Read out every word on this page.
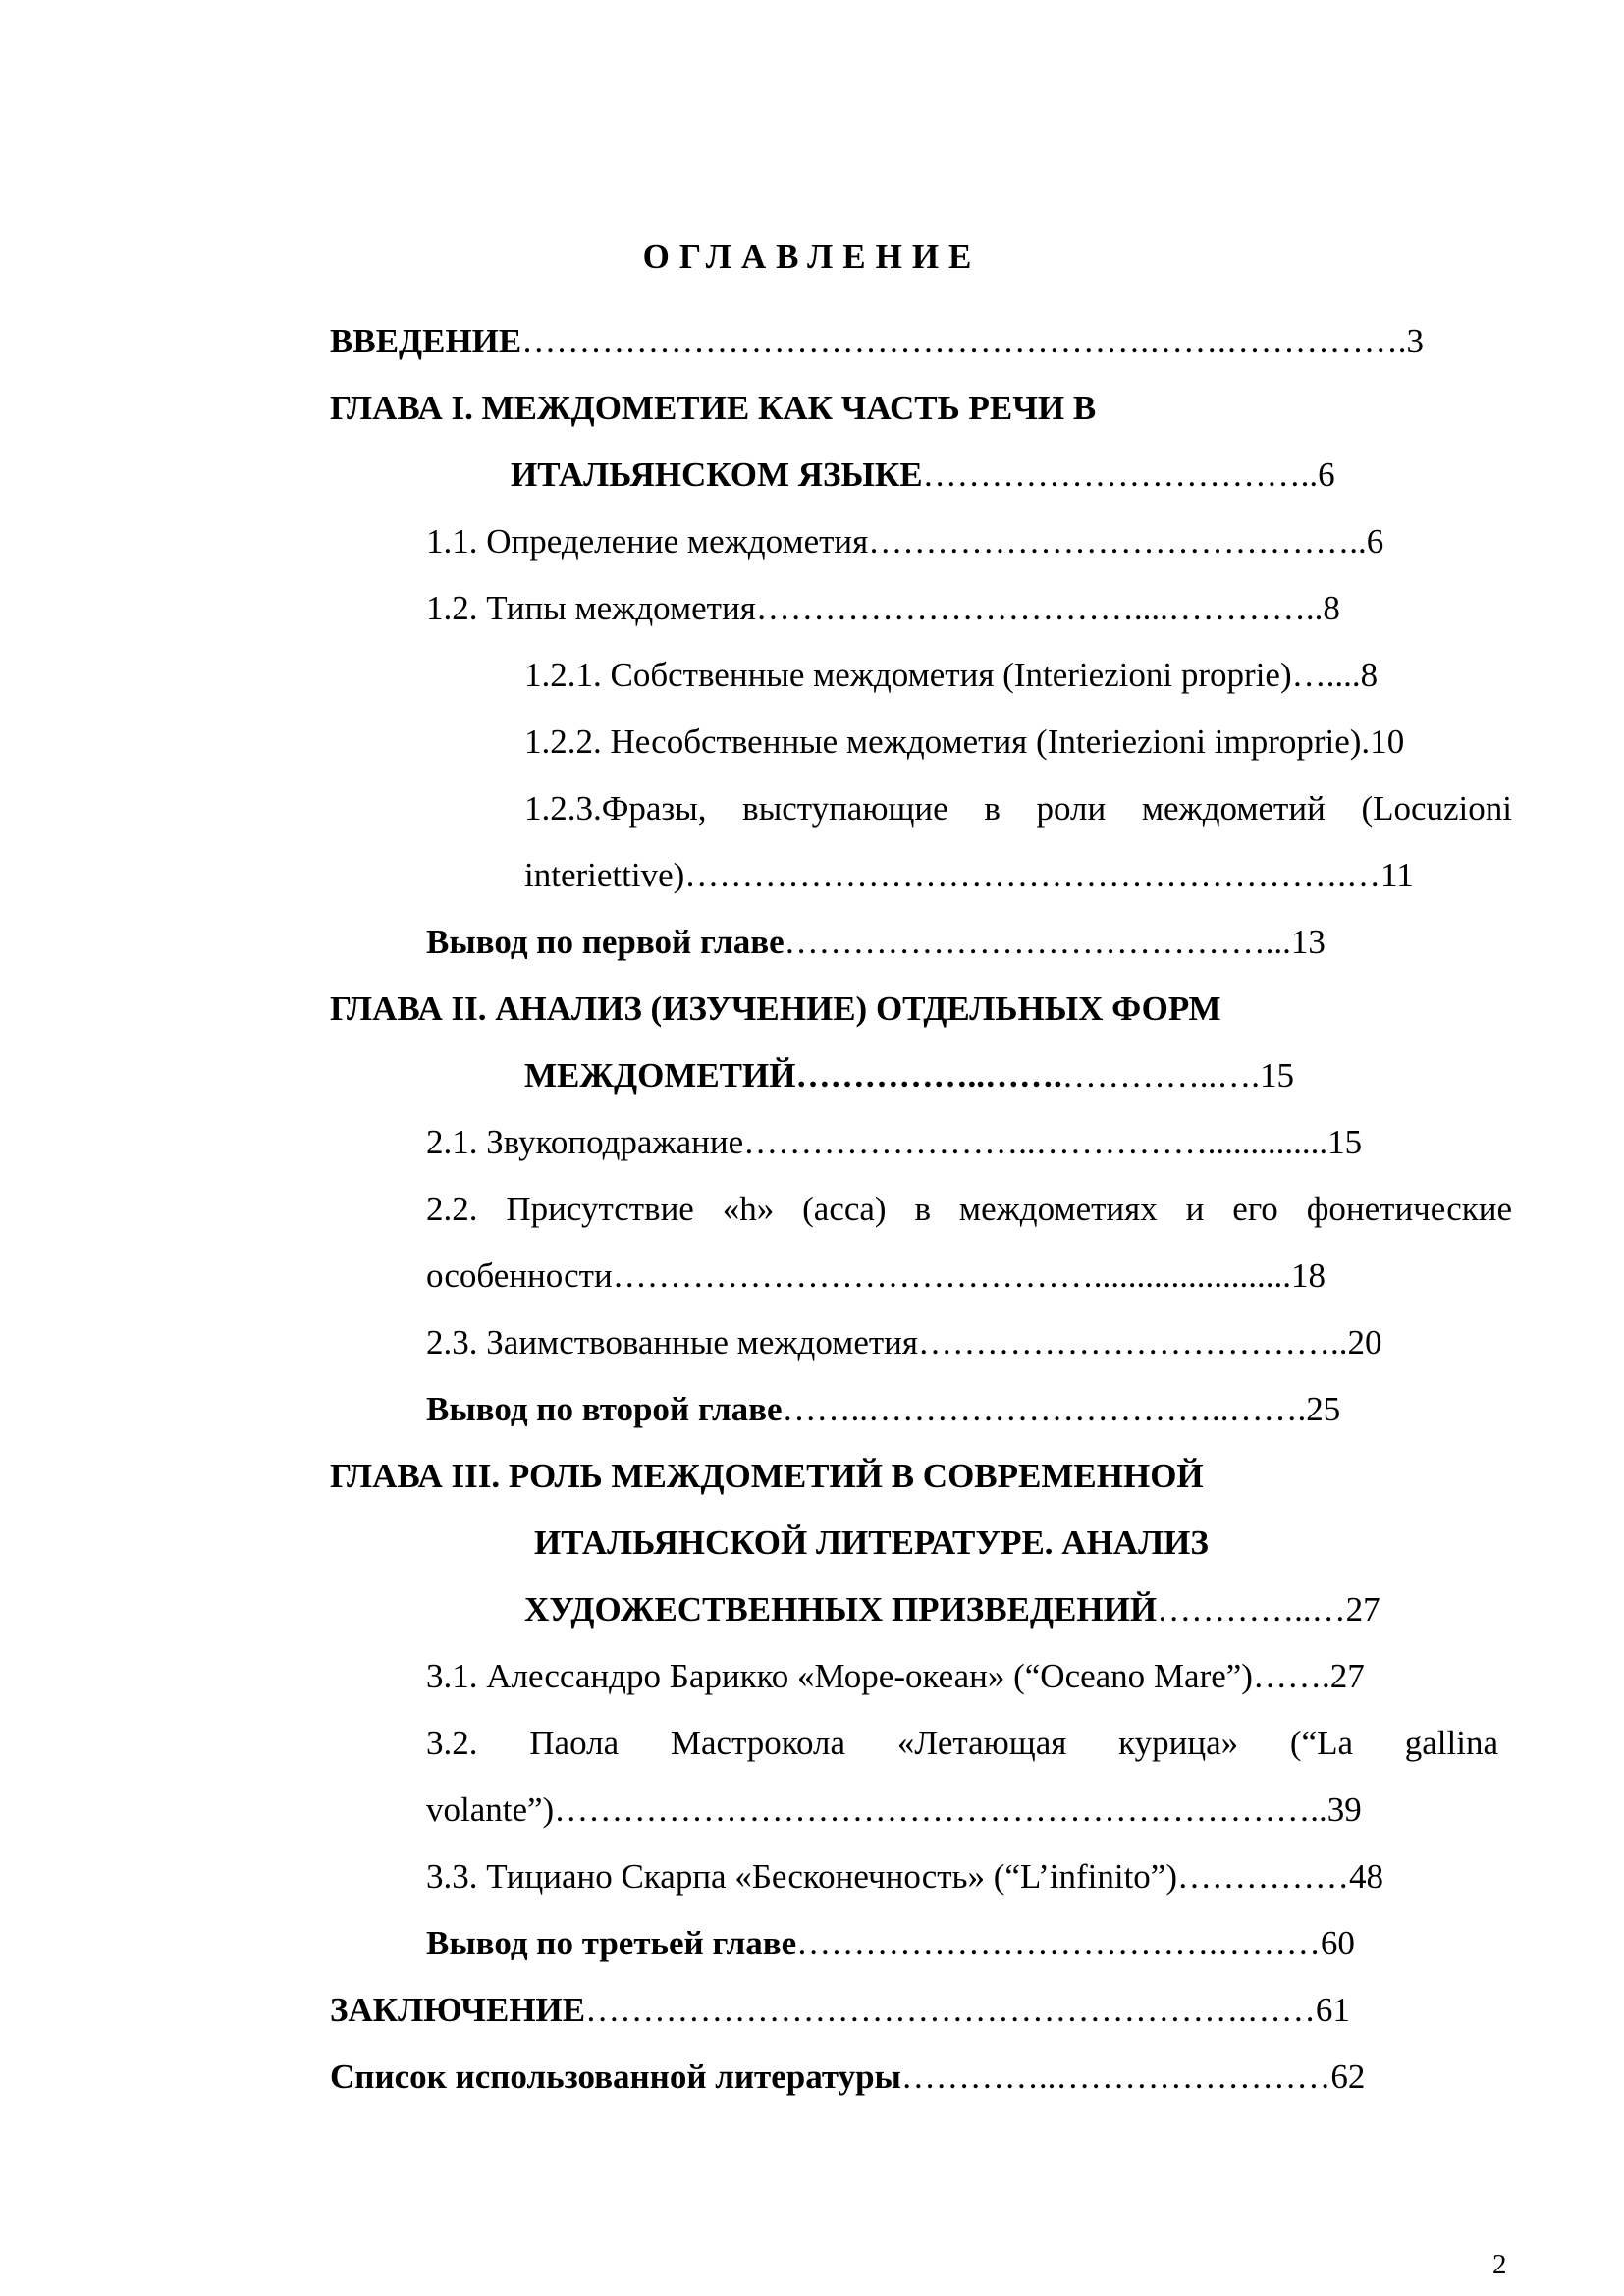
ОГЛАВЛЕНИЕ
ВВЕДЕНИЕ……………………………………………….…….…………….3
ГЛАВА I. МЕЖДОМЕТИЕ КАК ЧАСТЬ РЕЧИ В
ИТАЛЬЯНСКОМ ЯЗЫКЕ……………………………..6
1.1. Определение междометия……………………………………..6
1.2. Типы междометия……………………………....…………..8
1.2.1. Собственные междометия (Interiezioni proprie)…....8
1.2.2. Несобственные междометия (Interiezioni improprie).10
1.2.3.Фразы, выступающие в роли междометий (Locuzioni
interiettive)………………………………………………….…11
Вывод по первой главе……………………………………...13
ГЛАВА II. АНАЛИЗ (ИЗУЧЕНИЕ) ОТДЕЛЬНЫХ ФОРМ
МЕЖДОМЕТИЙ……………..…….…………..….15
2.1. Звукоподражание……………………..……………..............15
2.2. Присутствие «h» (acca) в междометиях и его фонетические
особенности…………………………………….......................18
2.3. Заимствованные междометия………………………………..20
Вывод по второй главе……..…………………………..…….25
ГЛАВА III. РОЛЬ МЕЖДОМЕТИЙ В СОВРЕМЕННОЙ
ИТАЛЬЯНСКОЙ ЛИТЕРАТУРЕ. АНАЛИЗ
ХУДОЖЕСТВЕННЫХ ПРИЗВЕДЕНИЙ…………..…27
3.1. Алессандро Барикко «Море-океан» (“Oceano Mare”)…….27
3.2. Паола Мастрокола «Летающая курица» (“La gallina
volante”)…………………………………………………………..39
3.3. Тициано Скарпа «Бесконечность» (“L’infinito”)……………48
Вывод по третьей главе……………………………….………60
ЗАКЛЮЧЕНИЕ………………………………………………….……61
Список использованной литературы…………..……………………62
2
